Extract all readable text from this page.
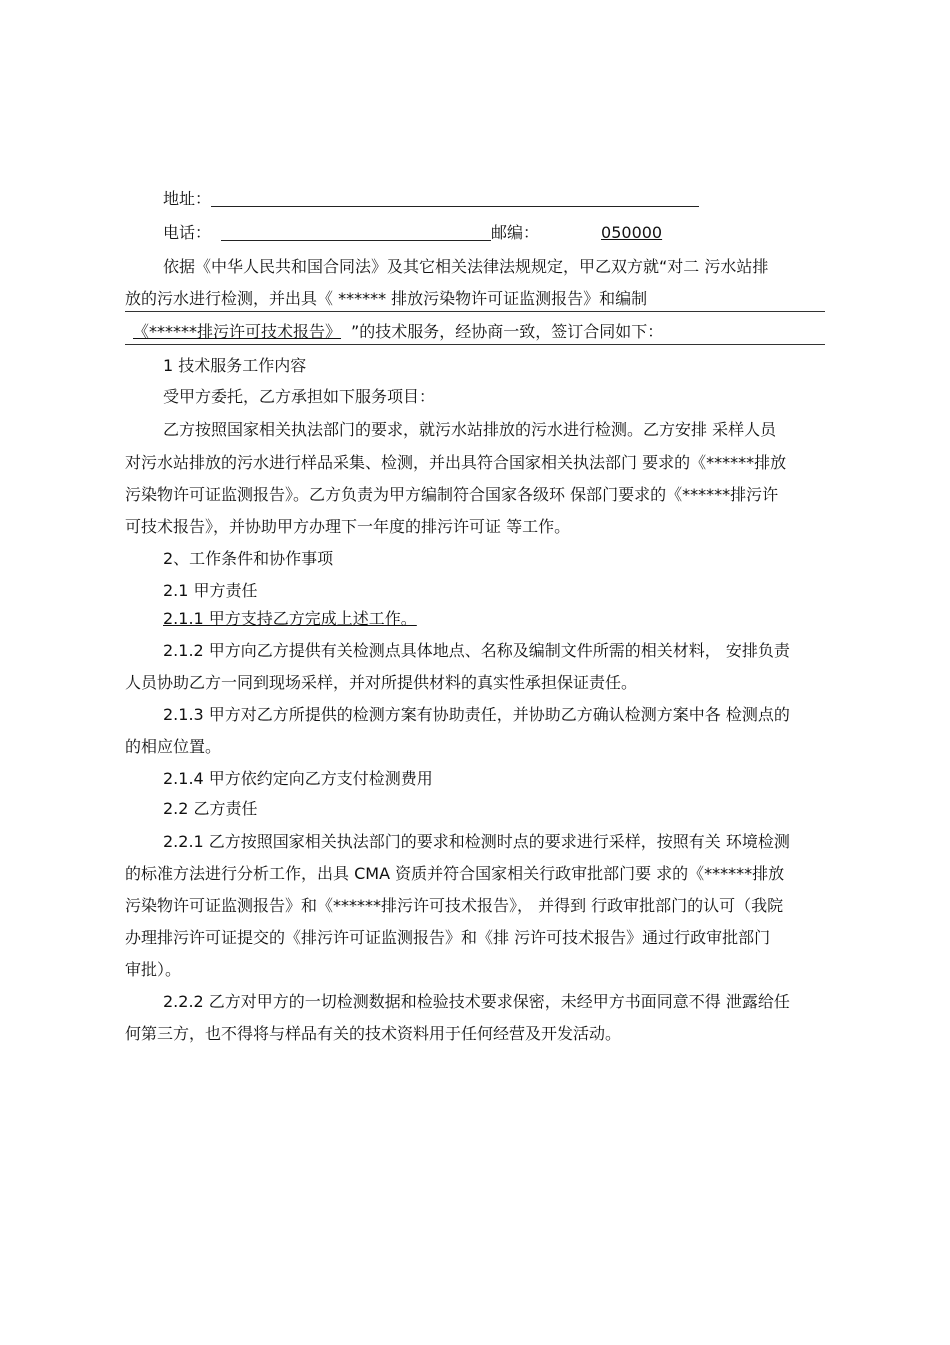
地址：
电话：	邮编：	050000
依据《中华人民共和国合同法》及其它相关法律法规规定，甲乙双方就“对二 污水站排
放的污水进行检测，并出具《 ****** 排放污染物许可证监测报告》和编制
《******排污许可技术报告》 ”的技术服务，经协商一致，签订合同如下：
1 技术服务工作内容
受甲方委托，乙方承担如下服务项目：
乙方按照国家相关执法部门的要求，就污水站排放的污水进行检测。乙方安排 采样人员
对污水站排放的污水进行样品采集、检测，并出具符合国家相关执法部门 要求的《******排放
污染物许可证监测报告》。乙方负责为甲方编制符合国家各级环 保部门要求的《******排污许
可技术报告》，并协助甲方办理下一年度的排污许可证 等工作。
2、工作条件和协作事项
2.1 甲方责任
2.1.1 甲方支持乙方完成上述工作。
2.1.2 甲方向乙方提供有关检测点具体地点、名称及编制文件所需的相关材料， 安排负责
人员协助乙方一同到现场采样，并对所提供材料的真实性承担保证责任。
2.1.3 甲方对乙方所提供的检测方案有协助责任，并协助乙方确认检测方案中各 检测点的
的相应位置。
2.1.4 甲方依约定向乙方支付检测费用
2.2 乙方责任
2.2.1 乙方按照国家相关执法部门的要求和检测时点的要求进行采样，按照有关 环境检测
的标准方法进行分析工作，出具 CMA 资质并符合国家相关行政审批部门要 求的《******排放
污染物许可证监测报告》和《******排污许可技术报告》， 并得到 行政审批部门的认可（我院
办理排污许可证提交的《排污许可证监测报告》和《排 污许可技术报告》通过行政审批部门
审批）。
2.2.2 乙方对甲方的一切检测数据和检验技术要求保密，未经甲方书面同意不得 泄露给任
何第三方，也不得将与样品有关的技术资料用于任何经营及开发活动。
